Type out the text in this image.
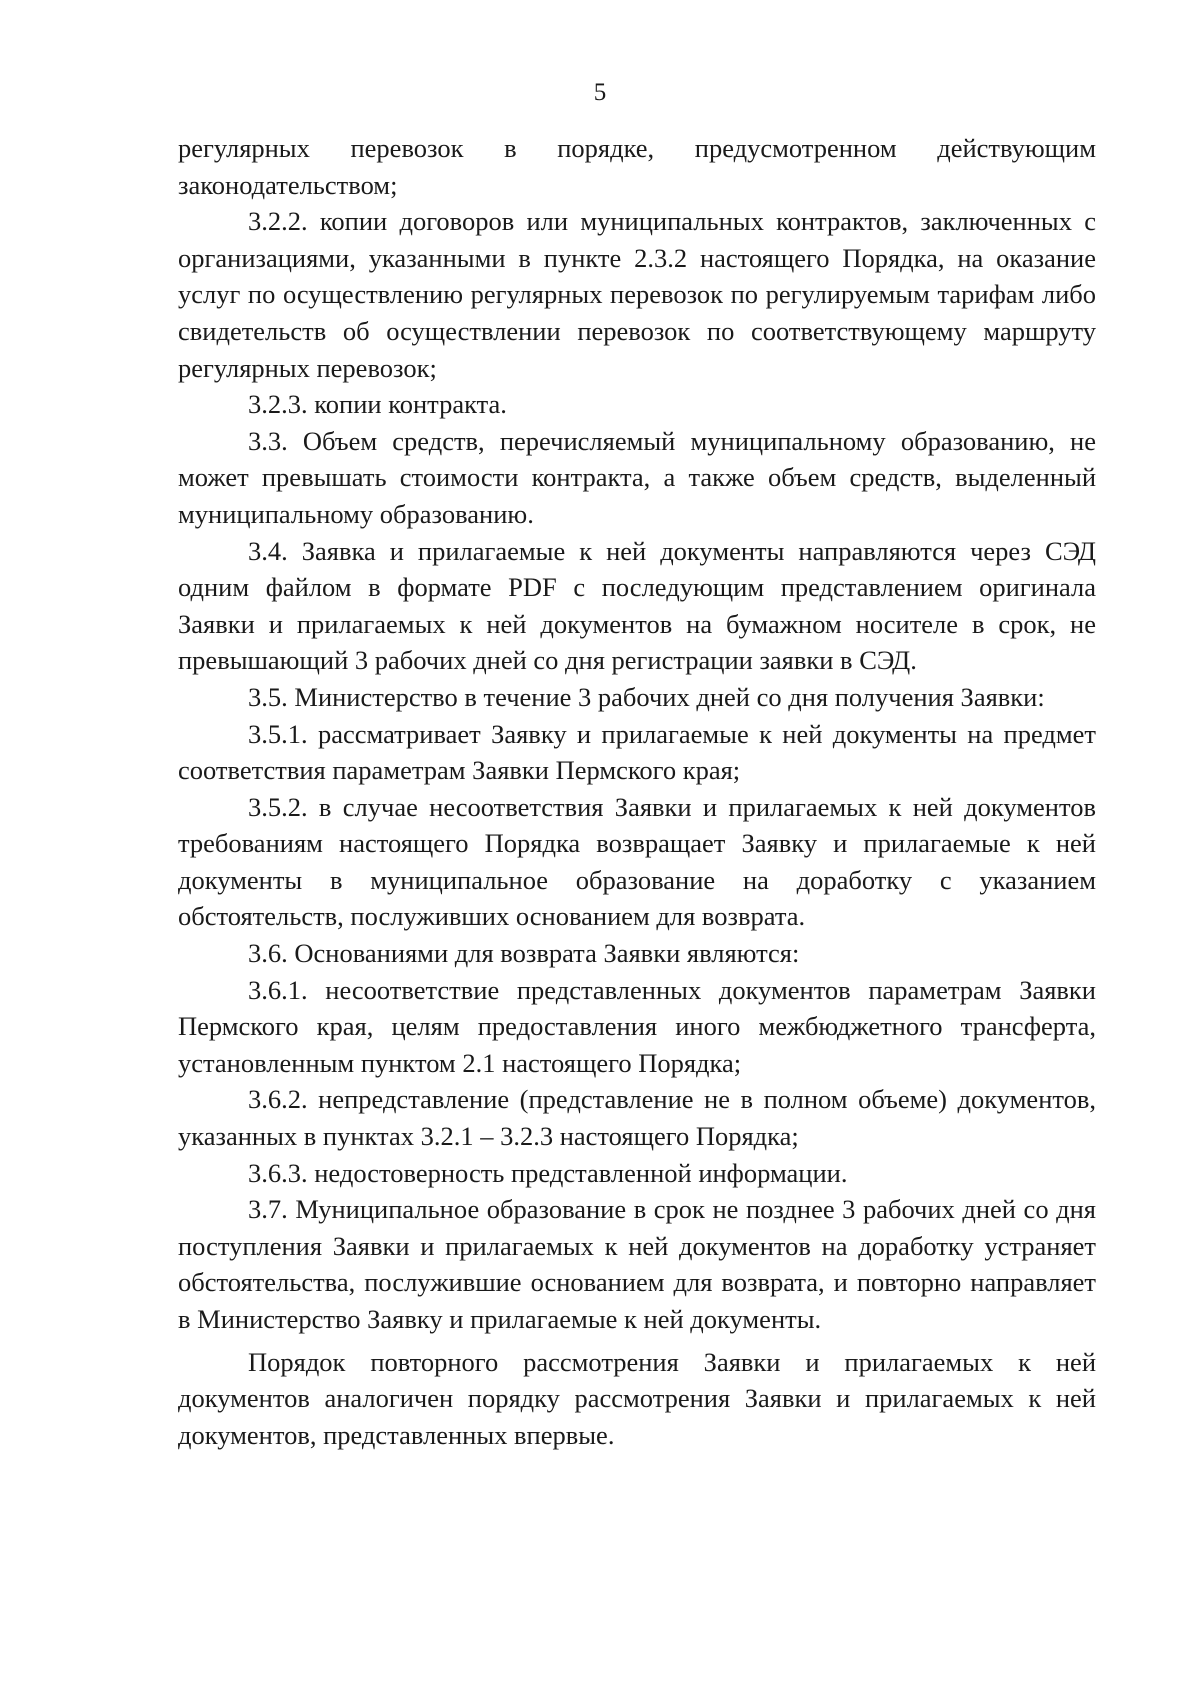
5

регулярных перевозок в порядке, предусмотренном действующим законодательством;

3.2.2. копии договоров или муниципальных контрактов, заключенных с организациями, указанными в пункте 2.3.2 настоящего Порядка, на оказание услуг по осуществлению регулярных перевозок по регулируемым тарифам либо свидетельств об осуществлении перевозок по соответствующему маршруту регулярных перевозок;

3.2.3. копии контракта.

3.3. Объем средств, перечисляемый муниципальному образованию, не может превышать стоимости контракта, а также объем средств, выделенный муниципальному образованию.

3.4. Заявка и прилагаемые к ней документы направляются через СЭД одним файлом в формате PDF с последующим представлением оригинала Заявки и прилагаемых к ней документов на бумажном носителе в срок, не превышающий 3 рабочих дней со дня регистрации заявки в СЭД.

3.5. Министерство в течение 3 рабочих дней со дня получения Заявки:

3.5.1. рассматривает Заявку и прилагаемые к ней документы на предмет соответствия параметрам Заявки Пермского края;

3.5.2. в случае несоответствия Заявки и прилагаемых к ней документов требованиям настоящего Порядка возвращает Заявку и прилагаемые к ней документы в муниципальное образование на доработку с указанием обстоятельств, послуживших основанием для возврата.

3.6. Основаниями для возврата Заявки являются:

3.6.1. несоответствие представленных документов параметрам Заявки Пермского края, целям предоставления иного межбюджетного трансферта, установленным пунктом 2.1 настоящего Порядка;

3.6.2. непредставление (представление не в полном объеме) документов, указанных в пунктах 3.2.1 – 3.2.3 настоящего Порядка;

3.6.3. недостоверность представленной информации.

3.7. Муниципальное образование в срок не позднее 3 рабочих дней со дня поступления Заявки и прилагаемых к ней документов на доработку устраняет обстоятельства, послужившие основанием для возврата, и повторно направляет в Министерство Заявку и прилагаемые к ней документы.

Порядок повторного рассмотрения Заявки и прилагаемых к ней документов аналогичен порядку рассмотрения Заявки и прилагаемых к ней документов, представленных впервые.
